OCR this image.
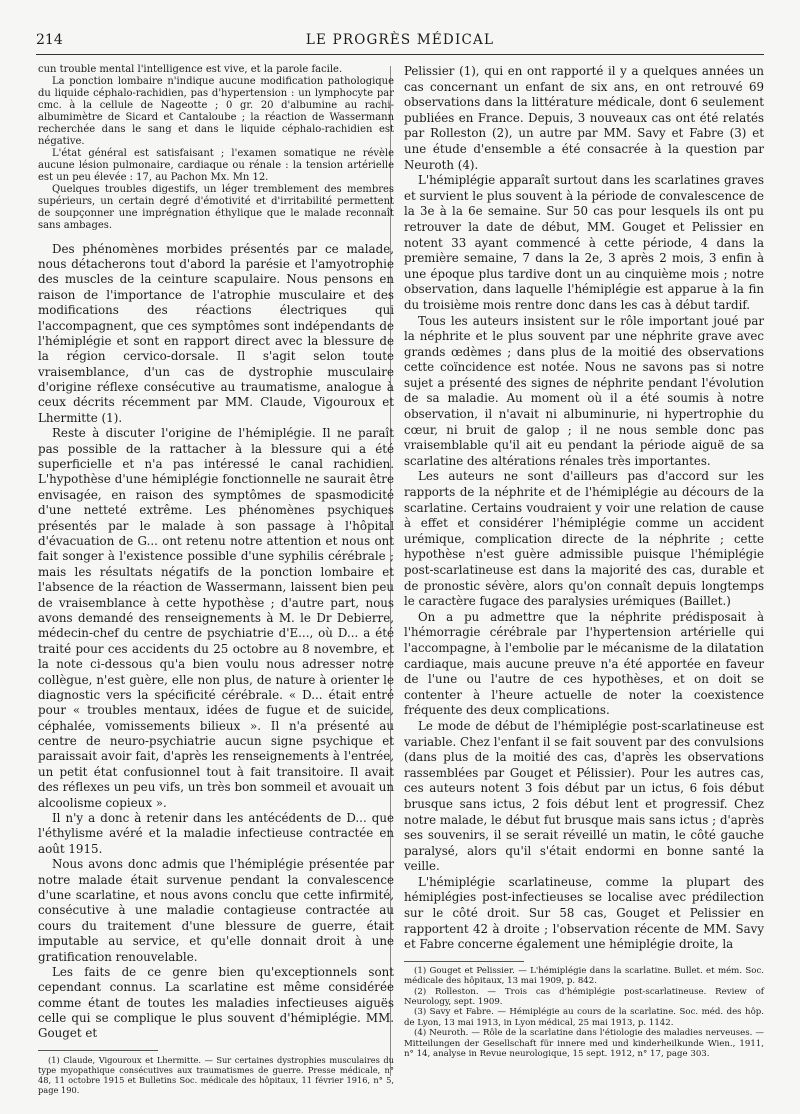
214	LE PROGRÈS MÉDICAL

cun trouble mental l'intelligence est vive, et la parole facile.

La ponction lombaire n'indique aucune modification pathologique du liquide céphalo-rachidien, pas d'hypertension : un lymphocyte par cmc. à la cellule de Nageotte ; 0 gr. 20 d'albumine au rachi-albumimètre de Sicard et Cantaloube ; la réaction de Wassermann recherchée dans le sang et dans le liquide céphalo-rachidien est négative.

L'état général est satisfaisant ; l'examen somatique ne révèle aucune lésion pulmonaire, cardiaque ou rénale : la tension artérielle est un peu élevée : 17, au Pachon Mx. Mn 12.

Quelques troubles digestifs, un léger tremblement des membres supérieurs, un certain degré d'émotivité et d'irritabilité permettent de soupçonner une imprégnation éthylique que le malade reconnaît sans ambages.

Des phénomènes morbides présentés par ce malade, nous détacherons tout d'abord la parésie et l'amyotrophie des muscles de la ceinture scapulaire. Nous pensons en raison de l'importance de l'atrophie musculaire et des modifications des réactions électriques qui l'accompagnent, que ces symptômes sont indépendants de l'hémiplégie et sont en rapport direct avec la blessure de la région cervico-dorsale. Il s'agit selon toute vraisemblance, d'un cas de dystrophie musculaire d'origine réflexe consécutive au traumatisme, analogue à ceux décrits récemment par MM. Claude, Vigouroux et Lhermitte (1).

Reste à discuter l'origine de l'hémiplégie. Il ne paraît pas possible de la rattacher à la blessure qui a été superficielle et n'a pas intéressé le canal rachidien. L'hypothèse d'une hémiplégie fonctionnelle ne saurait être envisagée, en raison des symptômes de spasmodicité d'une netteté extrême. Les phénomènes psychiques présentés par le malade à son passage à l'hôpital d'évacuation de G... ont retenu notre attention et nous ont fait songer à l'existence possible d'une syphilis cérébrale ; mais les résultats négatifs de la ponction lombaire et l'absence de la réaction de Wassermann, laissent bien peu de vraisemblance à cette hypothèse ; d'autre part, nous avons demandé des renseignements à M. le Dr Debierre, médecin-chef du centre de psychiatrie d'E..., où D... a été traité pour ces accidents du 25 octobre au 8 novembre, et la note ci-dessous qu'a bien voulu nous adresser notre collègue, n'est guère, elle non plus, de nature à orienter le diagnostic vers la spécificité cérébrale. « D... était entré pour « troubles mentaux, idées de fugue et de suicide, céphalée, vomissements bilieux ». Il n'a présenté au centre de neuro-psychiatrie aucun signe psychique et paraissait avoir fait, d'après les renseignements à l'entrée, un petit état confusionnel tout à fait transitoire. Il avait des réflexes un peu vifs, un très bon sommeil et avouait un alcoolisme copieux ».

Il n'y a donc à retenir dans les antécédents de D... que l'éthylisme avéré et la maladie infectieuse contractée en août 1915.

Nous avons donc admis que l'hémiplégie présentée par notre malade était survenue pendant la convalescence d'une scarlatine, et nous avons conclu que cette infirmité, consécutive à une maladie contagieuse contractée au cours du traitement d'une blessure de guerre, était imputable au service, et qu'elle donnait droit à une gratification renouvelable.

Les faits de ce genre bien qu'exceptionnels sont cependant connus. La scarlatine est même considérée comme étant de toutes les maladies infectieuses aiguës celle qui se complique le plus souvent d'hémiplégie. MM. Gouget et

(1) Claude, Vigouroux et Lhermitte. — Sur certaines dystrophies musculaires du type myopathique consécutives aux traumatismes de guerre. Presse médicale, n° 48, 11 octobre 1915 et Bulletins Soc. médicale des hôpitaux, 11 février 1916, n° 5, page 190.

Pelissier (1), qui en ont rapporté il y a quelques années un cas concernant un enfant de six ans, en ont retrouvé 69 observations dans la littérature médicale, dont 6 seulement publiées en France. Depuis, 3 nouveaux cas ont été relatés par Rolleston (2), un autre par MM. Savy et Fabre (3) et une étude d'ensemble a été consacrée à la question par Neuroth (4).

L'hémiplégie apparaît surtout dans les scarlatines graves et survient le plus souvent à la période de convalescence de la 3e à la 6e semaine. Sur 50 cas pour lesquels ils ont pu retrouver la date de début, MM. Gouget et Pelissier en notent 33 ayant commencé à cette période, 4 dans la première semaine, 7 dans la 2e, 3 après 2 mois, 3 enfin à une époque plus tardive dont un au cinquième mois ; notre observation, dans laquelle l'hémiplégie est apparue à la fin du troisième mois rentre donc dans les cas à début tardif.

Tous les auteurs insistent sur le rôle important joué par la néphrite et le plus souvent par une néphrite grave avec grands œdèmes ; dans plus de la moitié des observations cette coïncidence est notée. Nous ne savons pas si notre sujet a présenté des signes de néphrite pendant l'évolution de sa maladie. Au moment où il a été soumis à notre observation, il n'avait ni albuminurie, ni hypertrophie du cœur, ni bruit de galop ; il ne nous semble donc pas vraisemblable qu'il ait eu pendant la période aiguë de sa scarlatine des altérations rénales très importantes.

Les auteurs ne sont d'ailleurs pas d'accord sur les rapports de la néphrite et de l'hémiplégie au décours de la scarlatine. Certains voudraient y voir une relation de cause à effet et considérer l'hémiplégie comme un accident urémique, complication directe de la néphrite ; cette hypothèse n'est guère admissible puisque l'hémiplégie post-scarlatineuse est dans la majorité des cas, durable et de pronostic sévère, alors qu'on connaît depuis longtemps le caractère fugace des paralysies urémiques (Baillet.)

On a pu admettre que la néphrite prédisposait à l'hémorragie cérébrale par l'hypertension artérielle qui l'accompagne, à l'embolie par le mécanisme de la dilatation cardiaque, mais aucune preuve n'a été apportée en faveur de l'une ou l'autre de ces hypothèses, et on doit se contenter à l'heure actuelle de noter la coexistence fréquente des deux complications.

Le mode de début de l'hémiplégie post-scarlatineuse est variable. Chez l'enfant il se fait souvent par des convulsions (dans plus de la moitié des cas, d'après les observations rassemblées par Gouget et Pélissier). Pour les autres cas, ces auteurs notent 3 fois début par un ictus, 6 fois début brusque sans ictus, 2 fois début lent et progressif. Chez notre malade, le début fut brusque mais sans ictus ; d'après ses souvenirs, il se serait réveillé un matin, le côté gauche paralysé, alors qu'il s'était endormi en bonne santé la veille.

L'hémiplégie scarlatineuse, comme la plupart des hémiplégies post-infectieuses se localise avec prédilection sur le côté droit. Sur 58 cas, Gouget et Pelissier en rapportent 42 à droite ; l'observation récente de MM. Savy et Fabre concerne également une hémiplégie droite, la

(1) Gouget et Pelissier. — L'hémiplégie dans la scarlatine. Bullet. et mém. Soc. médicale des hôpitaux, 13 mai 1909, p. 842.

(2) Rolleston. — Trois cas d'hémiplégie post-scarlatineuse. Review of Neurology, sept. 1909.

(3) Savy et Fabre. — Hémiplégie au cours de la scarlatine. Soc. méd. des hôp. de Lyon, 13 mai 1913, in Lyon médical, 25 mai 1913, p. 1142.

(4) Neuroth. — Rôle de la scarlatine dans l'étiologie des maladies nerveuses. — Mitteilungen der Gesellschaft für innere med und kinderheilkunde Wien., 1911, n° 14, analyse in Revue neurologique, 15 sept. 1912, n° 17, page 303.
